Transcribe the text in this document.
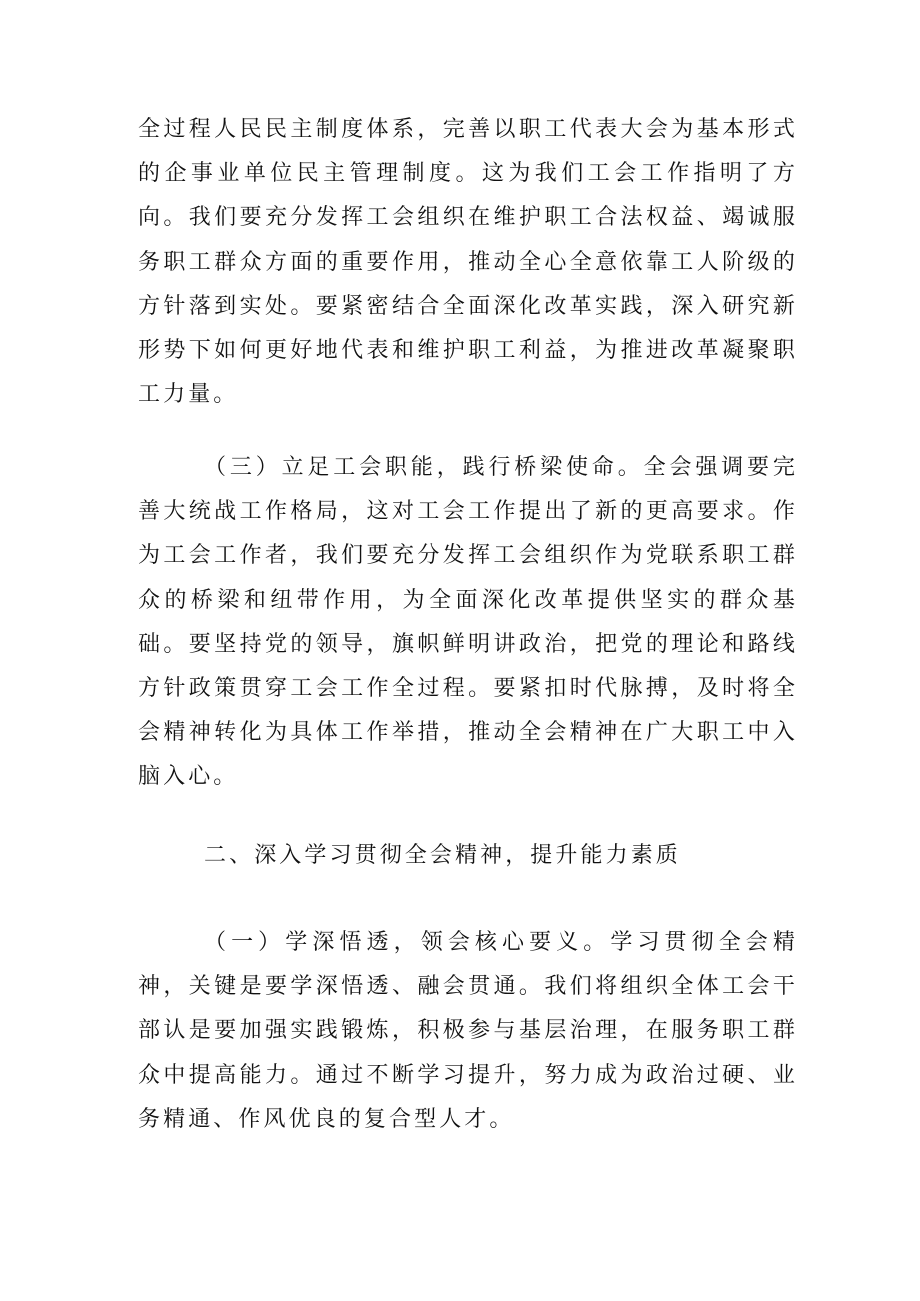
全过程人民民主制度体系，完善以职工代表大会为基本形式的企事业单位民主管理制度。这为我们工会工作指明了方向。我们要充分发挥工会组织在维护职工合法权益、竭诚服务职工群众方面的重要作用，推动全心全意依靠工人阶级的方针落到实处。要紧密结合全面深化改革实践，深入研究新形势下如何更好地代表和维护职工利益，为推进改革凝聚职工力量。
（三）立足工会职能，践行桥梁使命。全会强调要完善大统战工作格局，这对工会工作提出了新的更高要求。作为工会工作者，我们要充分发挥工会组织作为党联系职工群众的桥梁和纽带作用，为全面深化改革提供坚实的群众基础。要坚持党的领导，旗帜鲜明讲政治，把党的理论和路线方针政策贯穿工会工作全过程。要紧扣时代脉搏，及时将全会精神转化为具体工作举措，推动全会精神在广大职工中入脑入心。
二、深入学习贯彻全会精神，提升能力素质
（一）学深悟透，领会核心要义。学习贯彻全会精神，关键是要学深悟透、融会贯通。我们将组织全体工会干部认是要加强实践锻炼，积极参与基层治理，在服务职工群众中提高能力。通过不断学习提升，努力成为政治过硬、业务精通、作风优良的复合型人才。
